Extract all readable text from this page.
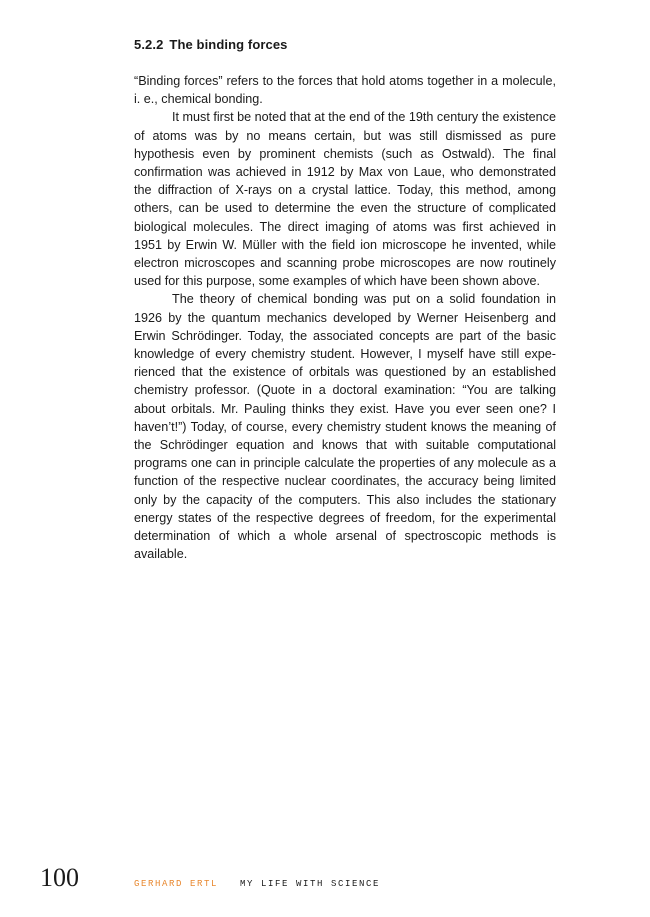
5.2.2 The binding forces

“Binding forces” refers to the forces that hold atoms together in a molecule, i. e., chemical bonding.

It must first be noted that at the end of the 19th century the existence of atoms was by no means certain, but was still dismissed as pure hypothesis even by prominent chemists (such as Ostwald). The final confirmation was achieved in 1912 by Max von Laue, who demonstrated the diffraction of X-rays on a crystal lattice. Today, this method, among others, can be used to determine the even the structure of complicated biological molecules. The direct imaging of atoms was first achieved in 1951 by Erwin W. Müller with the field ion microscope he invented, while electron microscopes and scanning probe microscopes are now routinely used for this purpose, some examples of which have been shown above.

The theory of chemical bonding was put on a solid foundation in 1926 by the quantum mechanics developed by Werner Heisenberg and Erwin Schrödinger. Today, the associated concepts are part of the basic knowledge of every chemistry student. However, I myself have still experienced that the existence of orbitals was questioned by an established chemistry professor. (Quote in a doctoral examination: “You are talking about orbitals. Mr. Pauling thinks they exist. Have you ever seen one? I haven’t!”) Today, of course, every chemistry student knows the meaning of the Schrödinger equation and knows that with suitable computational programs one can in principle calculate the properties of any molecule as a function of the respective nuclear coordinates, the accuracy being limited only by the capacity of the computers. This also includes the stationary energy states of the respective degrees of freedom, for the experimental determination of which a whole arsenal of spectroscopic methods is available.

100	GERHARD ERTL MY LIFE WITH SCIENCE
